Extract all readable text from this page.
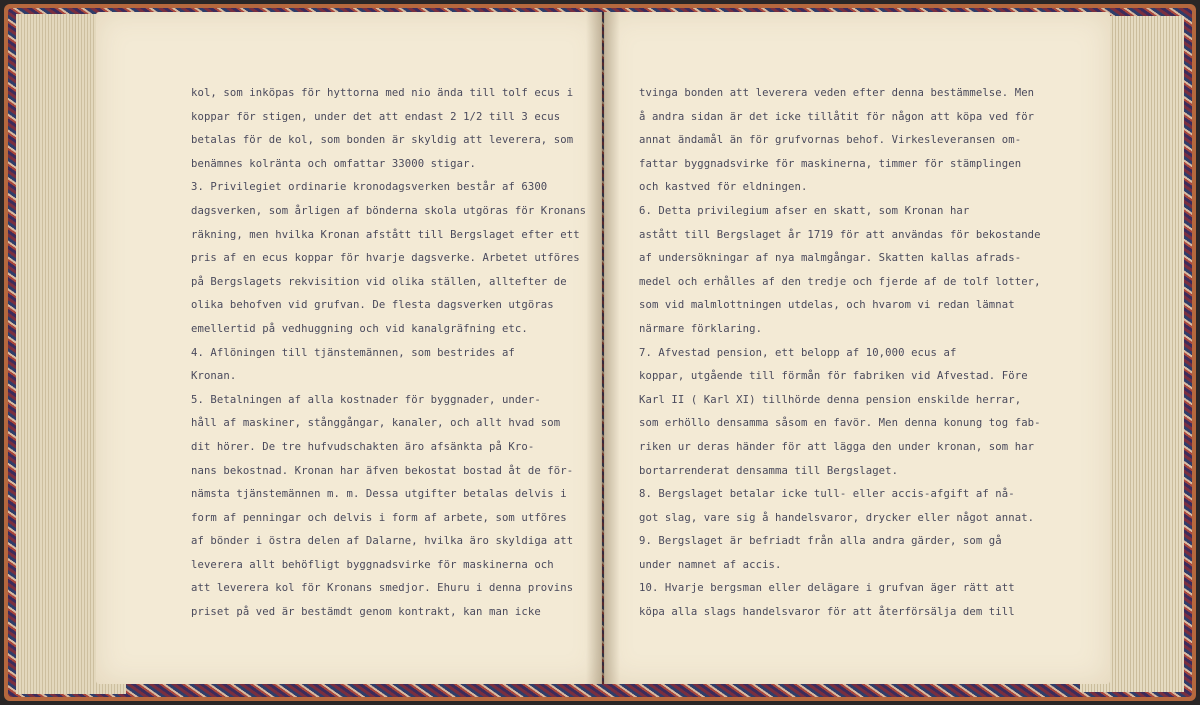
kol, som inköpas för hyttorna med nio ända till tolf ecus i
koppar för stigen, under det att endast 2 1/2 till 3 ecus
betalas för de kol, som bonden är skyldig att leverera, som
benämnes kolränta och omfattar 33000 stigar.
3. Privilegiet ordinarie kronodagsverken består af 6300
dagsverken, som årligen af bönderna skola utgöras för Kronans
räkning, men hvilka Kronan afstått till Bergslaget efter ett
pris af en ecus koppar för hvarje dagsverke. Arbetet utföres
på Bergslagets rekvisition vid olika ställen, alltefter de
olika behofven vid grufvan. De flesta dagsverken utgöras
emellertid på vedhuggning och vid kanalgräfning etc.
4. Aflöningen till tjänstemännen, som bestrides af
Kronan.
5. Betalningen af alla kostnader för byggnader, under-
håll af maskiner, stånggångar, kanaler, och allt hvad som
dit hörer. De tre hufvudschakten äro afsänkta på Kro-
nans bekostnad. Kronan har äfven bekostat bostad åt de för-
nämsta tjänstemännen m. m. Dessa utgifter betalas delvis i
form af penningar och delvis i form af arbete, som utföres
af bönder i östra delen af Dalarne, hvilka äro skyldiga att
leverera allt behöfligt byggnadsvirke för maskinerna och
att leverera kol för Kronans smedjor. Ehuru i denna provins
priset på ved är bestämdt genom kontrakt, kan man icke
tvinga bonden att leverera veden efter denna bestämmelse. Men
å andra sidan är det icke tillåtit för någon att köpa ved för
annat ändamål än för grufvornas behof. Virkesleveransen om-
fattar byggnadsvirke för maskinerna, timmer för stämplingen
och kastved för eldningen.
6. Detta privilegium afser en skatt, som Kronan har
astått till Bergslaget år 1719 för att användas för bekostande
af undersökningar af nya malmgångar. Skatten kallas afrads-
medel och erhålles af den tredje och fjerde af de tolf lotter,
som vid malmlottningen utdelas, och hvarom vi redan lämnat
närmare förklaring.
7. Afvestad pension, ett belopp af 10,000 ecus af
koppar, utgående till förmån för fabriken vid Afvestad. Före
Karl II ( Karl XI) tillhörde denna pension enskilde herrar,
som erhöllo densamma såsom en favör. Men denna konung tog fab-
riken ur deras händer för att lägga den under kronan, som har
bortarrenderat densamma till Bergslaget.
8. Bergslaget betalar icke tull- eller accis-afgift af nå-
got slag, vare sig å handelsvaror, drycker eller något annat.
9. Bergslaget är befriadt från alla andra gärder, som gå
under namnet af accis.
10. Hvarje bergsman eller delägare i grufvan äger rätt att
köpa alla slags handelsvaror för att återförsälja dem till
